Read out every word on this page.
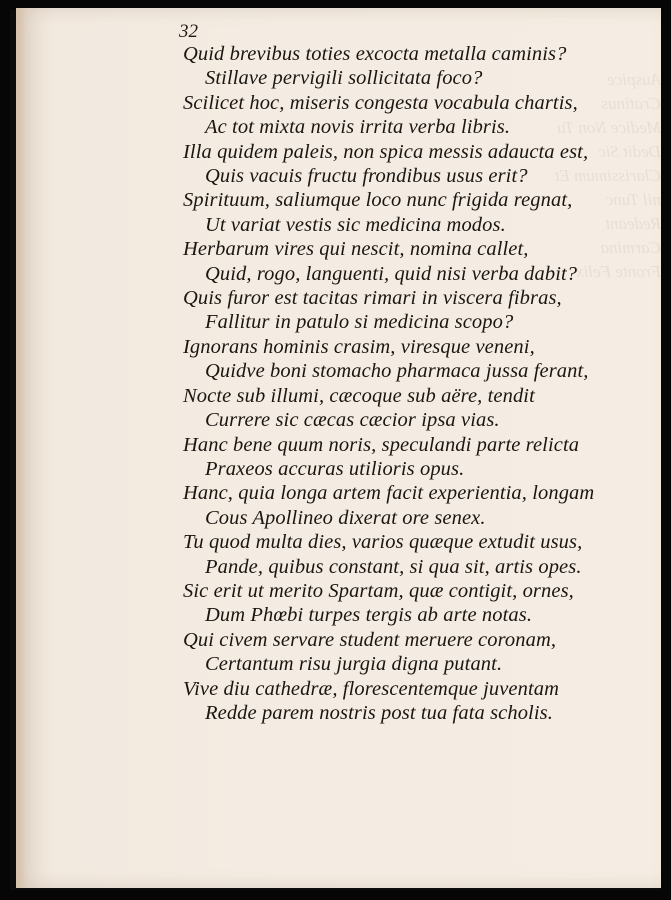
Auspice Cratinus Medice Non Tu Dedit Sic Clarissimum Et nil Tunc Redeant Carmina Fronte Felix
32
Quid brevibus toties excocta metalla caminis?
Stillave pervigili sollicitata foco?
Scilicet hoc, miseris congesta vocabula chartis,
Ac tot mixta novis irrita verba libris.
Illa quidem paleis, non spica messis adaucta est,
Quis vacuis fructu frondibus usus erit?
Spirituum, saliumque loco nunc frigida regnat,
Ut variat vestis sic medicina modos.
Herbarum vires qui nescit, nomina callet,
Quid, rogo, languenti, quid nisi verba dabit?
Quis furor est tacitas rimari in viscera fibras,
Fallitur in patulo si medicina scopo?
Ignorans hominis crasim, viresque veneni,
Quidve boni stomacho pharmaca jussa ferant,
Nocte sub illumi, cæcoque sub aëre, tendit
Currere sic cæcas cæcior ipsa vias.
Hanc bene quum noris, speculandi parte relicta
Praxeos accuras utilioris opus.
Hanc, quia longa artem facit experientia, longam
Cous Apollineo dixerat ore senex.
Tu quod multa dies, varios quæque extudit usus,
Pande, quibus constant, si qua sit, artis opes.
Sic erit ut merito Spartam, quæ contigit, ornes,
Dum Phœbi turpes tergis ab arte notas.
Qui civem servare student meruere coronam,
Certantum risu jurgia digna putant.
Vive diu cathedræ, florescentemque juventam
Redde parem nostris post tua fata scholis.
